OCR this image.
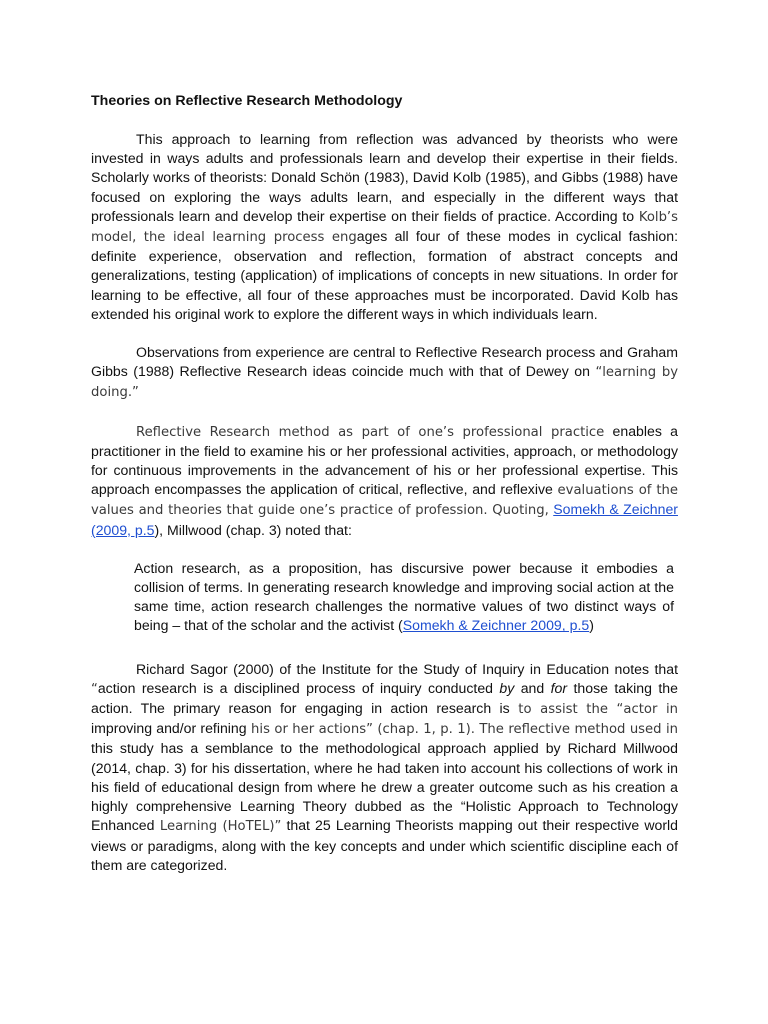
Theories on Reflective Research Methodology

This approach to learning from reflection was advanced by theorists who were invested in ways adults and professionals learn and develop their expertise in their fields. Scholarly works of theorists: Donald Schön (1983), David Kolb (1985), and Gibbs (1988) have focused on exploring the ways adults learn, and especially in the different ways that professionals learn and develop their expertise on their fields of practice. According to Kolb’s model, the ideal learning process engages all four of these modes in cyclical fashion: definite experience, observation and reflection, formation of abstract concepts and generalizations, testing (application) of implications of concepts in new situations. In order for learning to be effective, all four of these approaches must be incorporated. David Kolb has extended his original work to explore the different ways in which individuals learn.

Observations from experience are central to Reflective Research process and Graham Gibbs (1988) Reflective Research ideas coincide much with that of Dewey on “learning by doing.”

Reflective Research method as part of one’s professional practice enables a practitioner in the field to examine his or her professional activities, approach, or methodology for continuous improvements in the advancement of his or her professional expertise. This approach encompasses the application of critical, reflective, and reflexive evaluations of the values and theories that guide one’s practice of profession. Quoting, Somekh & Zeichner (2009, p.5), Millwood (chap. 3) noted that:

Action research, as a proposition, has discursive power because it embodies a collision of terms. In generating research knowledge and improving social action at the same time, action research challenges the normative values of two distinct ways of being – that of the scholar and the activist (Somekh & Zeichner 2009, p.5)

Richard Sagor (2000) of the Institute for the Study of Inquiry in Education notes that “action research is a disciplined process of inquiry conducted by and for those taking the action. The primary reason for engaging in action research is to assist the “actor in improving and/or refining his or her actions” (chap. 1, p. 1). The reflective method used in this study has a semblance to the methodological approach applied by Richard Millwood (2014, chap. 3) for his dissertation, where he had taken into account his collections of work in his field of educational design from where he drew a greater outcome such as his creation a highly comprehensive Learning Theory dubbed as the “Holistic Approach to Technology Enhanced Learning (HoTEL)” that 25 Learning Theorists mapping out their respective world views or paradigms, along with the key concepts and under which scientific discipline each of them are categorized.
